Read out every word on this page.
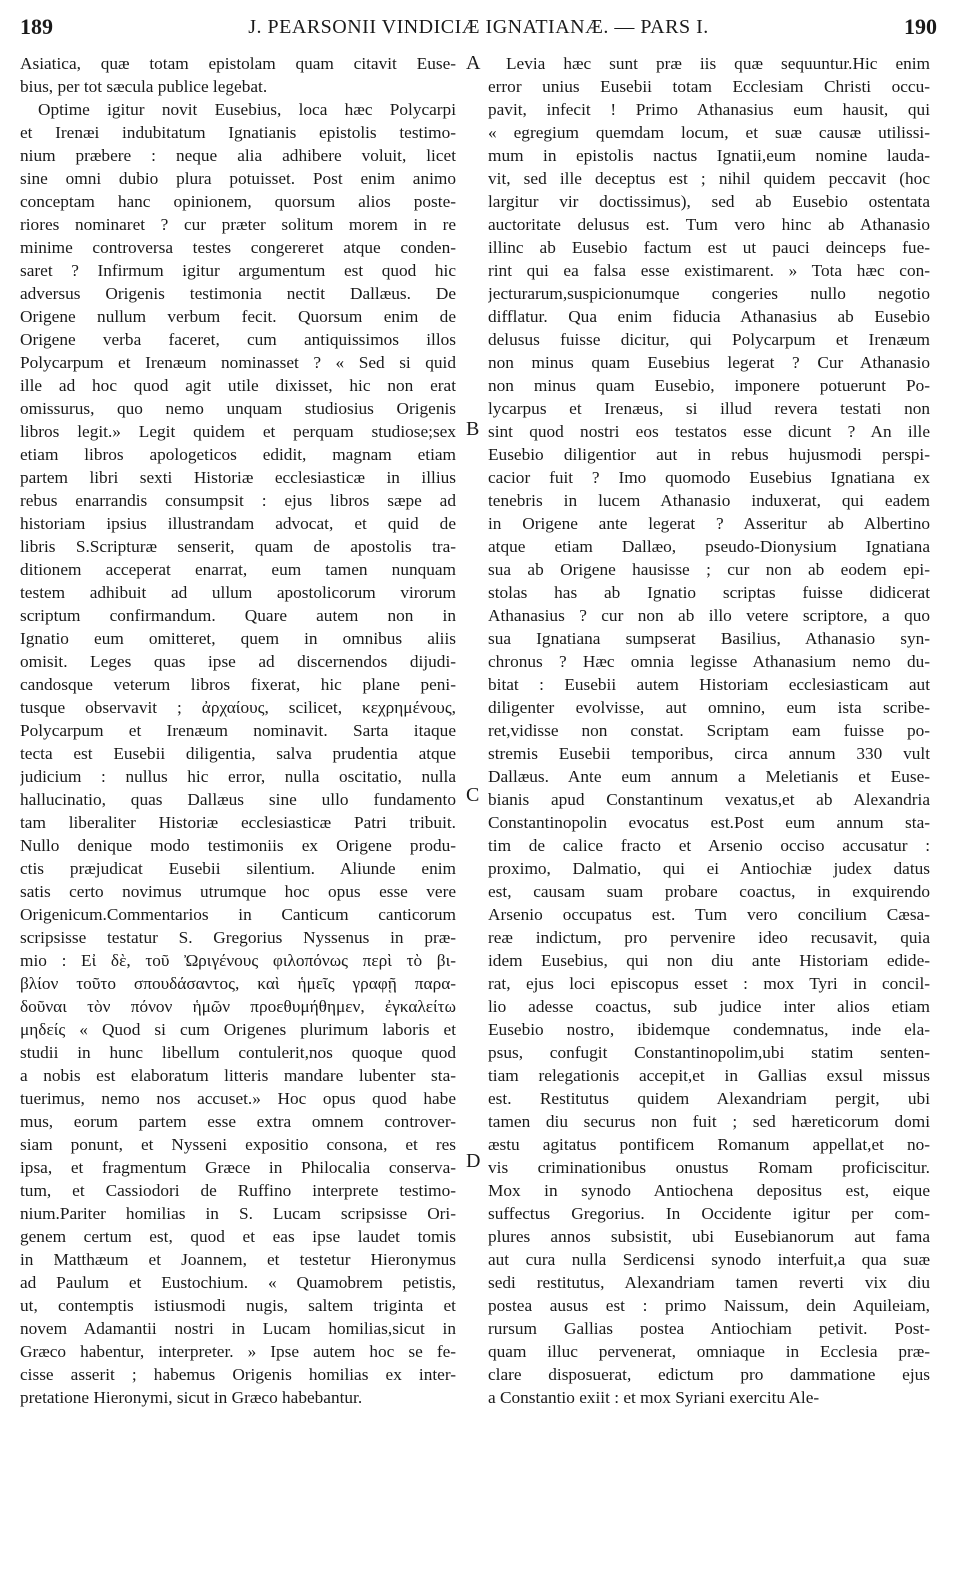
189	J. PEARSONII VINDICIÆ IGNATIANÆ. — PARS I.	190
A
B
C
D
Asiatica, quæ totam epistolam quam citavit Euse-
bius, per tot sæcula publice legebat.
Optime igitur novit Eusebius, loca hæc Polycarpi
et Irenæi indubitatum Ignatianis epistolis testimo-
nium præbere : neque alia adhibere voluit, licet
sine omni dubio plura potuisset. Post enim animo
conceptam hanc opinionem, quorsum alios poste-
riores nominaret ? cur præter solitum morem in re
minime controversa testes congereret atque conden-
saret ? Infirmum igitur argumentum est quod hic
adversus Origenis testimonia nectit Dallæus. De
Origene nullum verbum fecit. Quorsum enim de
Origene verba faceret, cum antiquissimos illos
Polycarpum et Irenæum nominasset ? « Sed si quid
ille ad hoc quod agit utile dixisset, hic non erat
omissurus, quo nemo unquam studiosius Origenis
libros legit.» Legit quidem et perquam studiose;sex
etiam libros apologeticos edidit, magnam etiam
partem libri sexti Historiæ ecclesiasticæ in illius
rebus enarrandis consumpsit : ejus libros sæpe ad
historiam ipsius illustrandam advocat, et quid de
libris S.Scripturæ senserit, quam de apostolis tra-
ditionem acceperat enarrat, eum tamen nunquam
testem adhibuit ad ullum apostolicorum virorum
scriptum confirmandum. Quare autem non in
Ignatio eum omitteret, quem in omnibus aliis
omisit. Leges quas ipse ad discernendos dijudi-
candosque veterum libros fixerat, hic plane peni-
tusque observavit ; ἀρχαίους, scilicet, κεχρημένους,
Polycarpum et Irenæum nominavit. Sarta itaque
tecta est Eusebii diligentia, salva prudentia atque
judicium : nullus hic error, nulla oscitatio, nulla
hallucinatio, quas Dallæus sine ullo fundamento
tam liberaliter Historiæ ecclesiasticæ Patri tribuit.
Nullo denique modo testimoniis ex Origene produ-
ctis præjudicat Eusebii silentium. Aliunde enim
satis certo novimus utrumque hoc opus esse vere
Origenicum.Commentarios in Canticum canticorum
scripsisse testatur S. Gregorius Nyssenus in præ-
mio : Εἰ δὲ, τοῦ Ὠριγένους φιλοπόνως περὶ τὸ βι-
βλίον τοῦτο σπουδάσαντος, καὶ ἡμεῖς γραφῇ παρα-
δοῦναι τὸν πόνον ἡμῶν προεθυμήθημεν, ἐγκαλείτω
μηδείς « Quod si cum Origenes plurimum laboris et
studii in hunc libellum contulerit,nos quoque quod
a nobis est elaboratum litteris mandare lubenter sta-
tuerimus, nemo nos accuset.» Hoc opus quod habe
mus, eorum partem esse extra omnem controver-
siam ponunt, et Nysseni expositio consona, et res
ipsa, et fragmentum Græce in Philocalia conserva-
tum, et Cassiodori de Ruffino interprete testimo-
nium.Pariter homilias in S. Lucam scripsisse Ori-
genem certum est, quod et eas ipse laudet tomis
in Matthæum et Joannem, et testetur Hieronymus
ad Paulum et Eustochium. « Quamobrem petistis,
ut, contemptis istiusmodi nugis, saltem triginta et
novem Adamantii nostri in Lucam homilias,sicut in
Græco habentur, interpreter. » Ipse autem hoc se fe-
cisse asserit ; habemus Origenis homilias ex inter-
pretatione Hieronymi, sicut in Græco habebantur.
Levia hæc sunt præ iis quæ sequuntur.Hic enim
error unius Eusebii totam Ecclesiam Christi occu-
pavit, infecit ! Primo Athanasius eum hausit, qui
« egregium quemdam locum, et suæ causæ utilissi-
mum in epistolis nactus Ignatii,eum nomine lauda-
vit, sed ille deceptus est ; nihil quidem peccavit (hoc
largitur vir doctissimus), sed ab Eusebio ostentata
auctoritate delusus est. Tum vero hinc ab Athanasio
illinc ab Eusebio factum est ut pauci deinceps fue-
rint qui ea falsa esse existimarent. » Tota hæc con-
jecturarum,suspicionumque congeries nullo negotio
difflatur. Qua enim fiducia Athanasius ab Eusebio
delusus fuisse dicitur, qui Polycarpum et Irenæum
non minus quam Eusebius legerat ? Cur Athanasio
non minus quam Eusebio, imponere potuerunt Po-
lycarpus et Irenæus, si illud revera testati non
sint quod nostri eos testatos esse dicunt ? An ille
Eusebio diligentior aut in rebus hujusmodi perspi-
cacior fuit ? Imo quomodo Eusebius Ignatiana ex
tenebris in lucem Athanasio induxerat, qui eadem
in Origene ante legerat ? Asseritur ab Albertino
atque etiam Dallæo, pseudo-Dionysium Ignatiana
sua ab Origene hausisse ; cur non ab eodem epi-
stolas has ab Ignatio scriptas fuisse didicerat
Athanasius ? cur non ab illo vetere scriptore, a quo
sua Ignatiana sumpserat Basilius, Athanasio syn-
chronus ? Hæc omnia legisse Athanasium nemo du-
bitat : Eusebii autem Historiam ecclesiasticam aut
diligenter evolvisse, aut omnino, eum ista scribe-
ret,vidisse non constat. Scriptam eam fuisse po-
stremis Eusebii temporibus, circa annum 330 vult
Dallæus. Ante eum annum a Meletianis et Euse-
bianis apud Constantinum vexatus,et ab Alexandria
Constantinopolin evocatus est.Post eum annum sta-
tim de calice fracto et Arsenio occiso accusatur :
proximo, Dalmatio, qui ei Antiochiæ judex datus
est, causam suam probare coactus, in exquirendo
Arsenio occupatus est. Tum vero concilium Cæsa-
reæ indictum, pro pervenire ideo recusavit, quia
idem Eusebius, qui non diu ante Historiam edide-
rat, ejus loci episcopus esset : mox Tyri in concil-
lio adesse coactus, sub judice inter alios etiam
Eusebio nostro, ibidemque condemnatus, inde ela-
psus, confugit Constantinopolim,ubi statim senten-
tiam relegationis accepit,et in Gallias exsul missus
est. Restitutus quidem Alexandriam pergit, ubi
tamen diu securus non fuit ; sed hæreticorum domi
æstu agitatus pontificem Romanum appellat,et no-
vis criminationibus onustus Romam proficiscitur.
Mox in synodo Antiochena depositus est, eique
suffectus Gregorius. In Occidente igitur per com-
plures annos subsistit, ubi Eusebianorum aut fama
aut cura nulla Serdicensi synodo interfuit,a qua suæ
sedi restitutus, Alexandriam tamen reverti vix diu
postea ausus est : primo Naissum, dein Aquileiam,
rursum Gallias postea Antiochiam petivit. Post-
quam illuc pervenerat, omniaque in Ecclesia præ-
clare disposuerat, edictum pro dammatione ejus
a Constantio exiit : et mox Syriani exercitu Ale-
